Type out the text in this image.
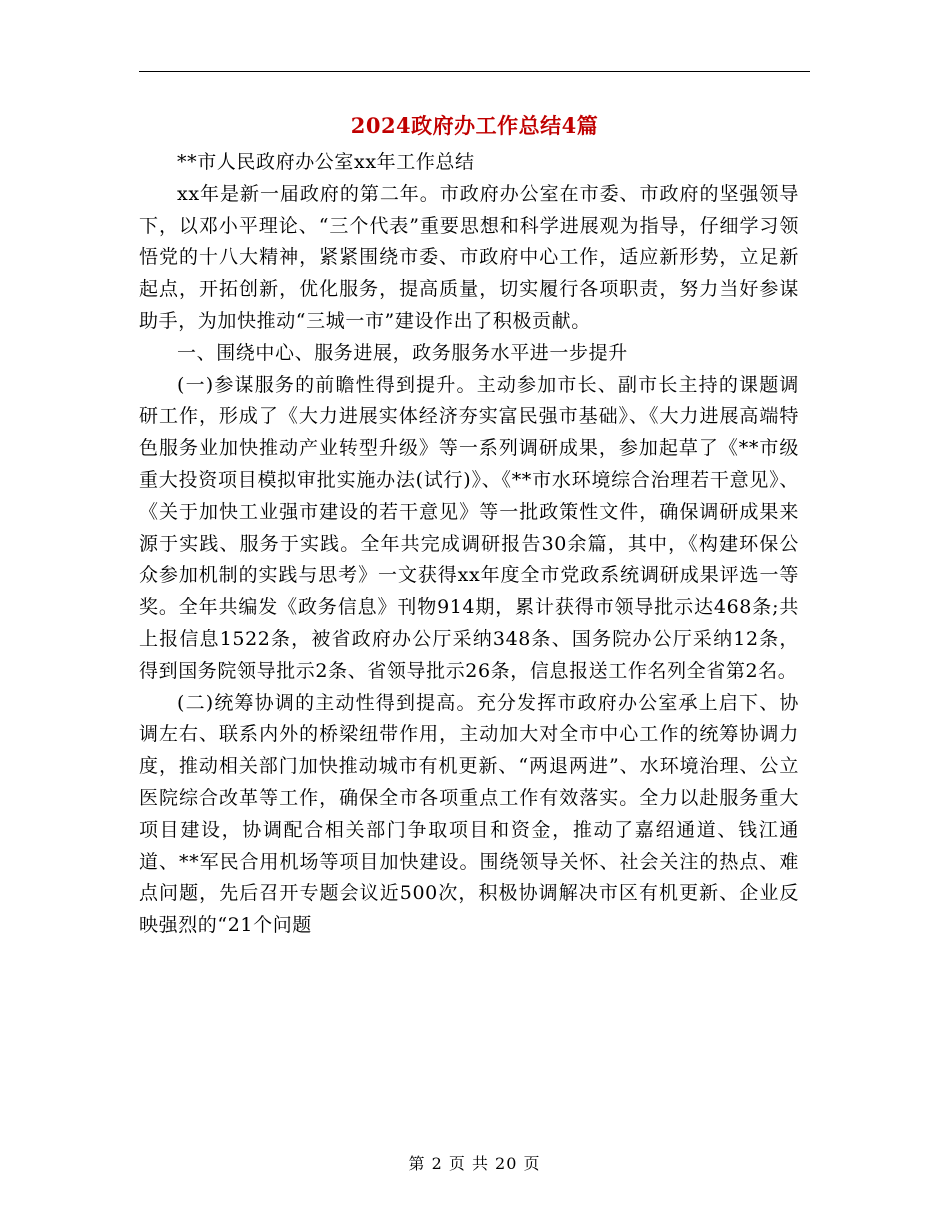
2024政府办工作总结4篇

**市人民政府办公室xx年工作总结

xx年是新一届政府的第二年。市政府办公室在市委、市政府的坚强领导下，以邓小平理论、“三个代表”重要思想和科学进展观为指导，仔细学习领悟党的十八大精神，紧紧围绕市委、市政府中心工作，适应新形势，立足新起点，开拓创新，优化服务，提高质量，切实履行各项职责，努力当好参谋助手，为加快推动“三城一市”建设作出了积极贡献。

一、围绕中心、服务进展，政务服务水平进一步提升

(一)参谋服务的前瞻性得到提升。主动参加市长、副市长主持的课题调研工作，形成了《大力进展实体经济夯实富民强市基础》、《大力进展高端特色服务业加快推动产业转型升级》等一系列调研成果，参加起草了《**市级重大投资项目模拟审批实施办法(试行)》、《**市水环境综合治理若干意见》、《关于加快工业强市建设的若干意见》等一批政策性文件，确保调研成果来源于实践、服务于实践。全年共完成调研报告30余篇，其中，《构建环保公众参加机制的实践与思考》一文获得xx年度全市党政系统调研成果评选一等奖。全年共编发《政务信息》刊物914期，累计获得市领导批示达468条;共上报信息1522条，被省政府办公厅采纳348条、国务院办公厅采纳12条，得到国务院领导批示2条、省领导批示26条，信息报送工作名列全省第2名。

(二)统筹协调的主动性得到提高。充分发挥市政府办公室承上启下、协调左右、联系内外的桥梁纽带作用，主动加大对全市中心工作的统筹协调力度，推动相关部门加快推动城市有机更新、“两退两进”、水环境治理、公立医院综合改革等工作，确保全市各项重点工作有效落实。全力以赴服务重大项目建设，协调配合相关部门争取项目和资金，推动了嘉绍通道、钱江通道、**军民合用机场等项目加快建设。围绕领导关怀、社会关注的热点、难点问题，先后召开专题会议近500次，积极协调解决市区有机更新、企业反映强烈的“21个问题

第 2 页 共 20 页
